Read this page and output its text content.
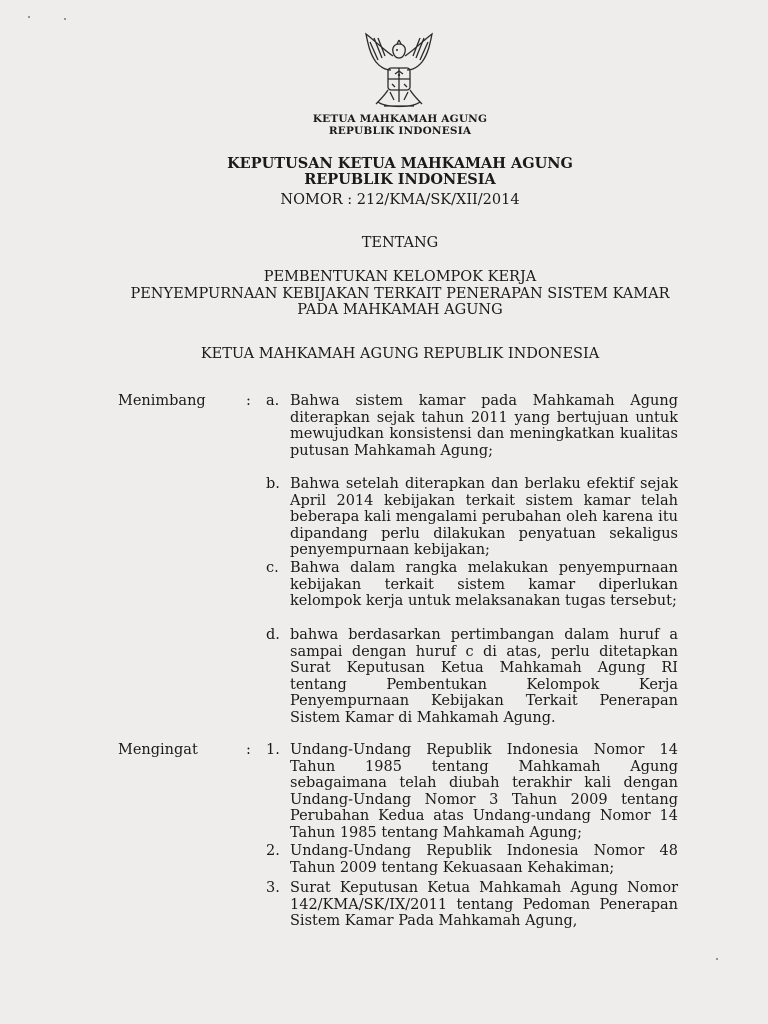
KETUA MAHKAMAH AGUNG
REPUBLIK INDONESIA
KEPUTUSAN KETUA MAHKAMAH AGUNG
REPUBLIK INDONESIA
NOMOR : 212/KMA/SK/XII/2014
TENTANG
PEMBENTUKAN KELOMPOK KERJA
PENYEMPURNAAN KEBIJAKAN TERKAIT PENERAPAN SISTEM KAMAR
PADA MAHKAMAH AGUNG
KETUA MAHKAMAH AGUNG REPUBLIK INDONESIA
Menimbang	: a. Bahwa sistem kamar pada Mahkamah Agung diterapkan sejak tahun 2011 yang bertujuan untuk mewujudkan konsistensi dan meningkatkan kualitas putusan Mahkamah Agung;
b. Bahwa setelah diterapkan dan berlaku efektif sejak April 2014 kebijakan terkait sistem kamar telah beberapa kali mengalami perubahan oleh karena itu dipandang perlu dilakukan penyatuan sekaligus penyempurnaan kebijakan;
c. Bahwa dalam rangka melakukan penyempurnaan kebijakan terkait sistem kamar diperlukan kelompok kerja untuk melaksanakan tugas tersebut;
d. bahwa berdasarkan pertimbangan dalam huruf a sampai dengan huruf c di atas, perlu ditetapkan Surat Keputusan Ketua Mahkamah Agung RI tentang Pembentukan Kelompok Kerja Penyempurnaan Kebijakan Terkait Penerapan Sistem Kamar di Mahkamah Agung.
Mengingat	: 1. Undang-Undang Republik Indonesia Nomor 14 Tahun 1985 tentang Mahkamah Agung sebagaimana telah diubah terakhir kali dengan Undang-Undang Nomor 3 Tahun 2009 tentang Perubahan Kedua atas Undang-undang Nomor 14 Tahun 1985 tentang Mahkamah Agung;
2. Undang-Undang Republik Indonesia Nomor 48 Tahun 2009 tentang Kekuasaan Kehakiman;
3. Surat Keputusan Ketua Mahkamah Agung Nomor 142/KMA/SK/IX/2011 tentang Pedoman Penerapan Sistem Kamar Pada Mahkamah Agung,
